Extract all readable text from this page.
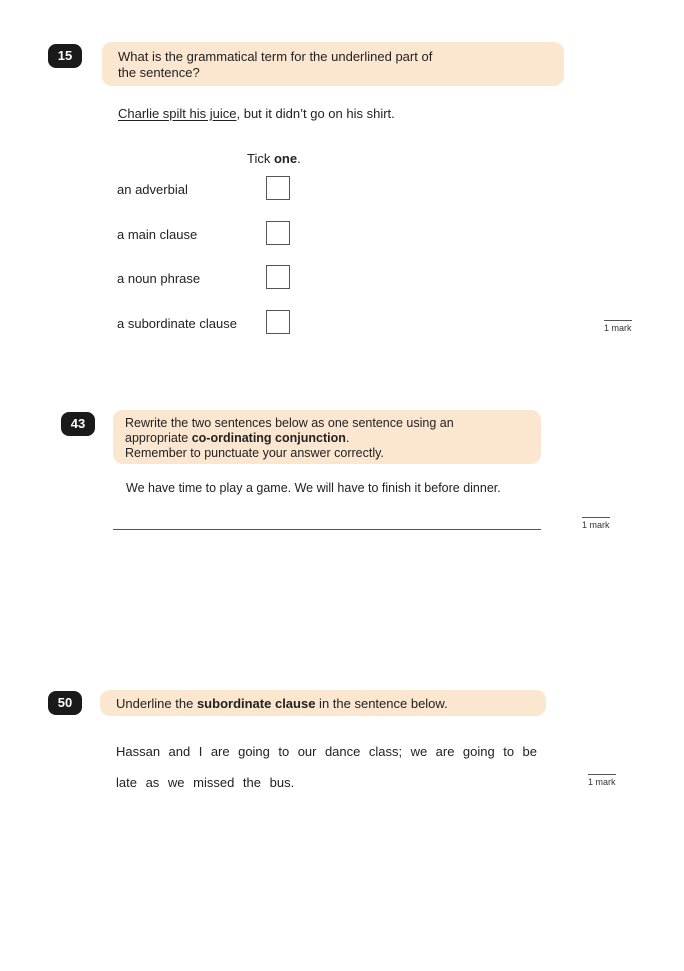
15	What is the grammatical term for the underlined part of
the sentence?
Charlie spilt his juice, but it didn’t go on his shirt.
Tick one.
an adverbial
a main clause
a noun phrase
a subordinate clause	1 mark
43	Rewrite the two sentences below as one sentence using an
appropriate co-ordinating conjunction.
Remember to punctuate your answer correctly.
We have time to play a game. We will have to finish it before dinner.
1 mark
50	Underline the subordinate clause in the sentence below.
Hassan and I are going to our dance class; we are going to be
late as we missed the bus.	1 mark
